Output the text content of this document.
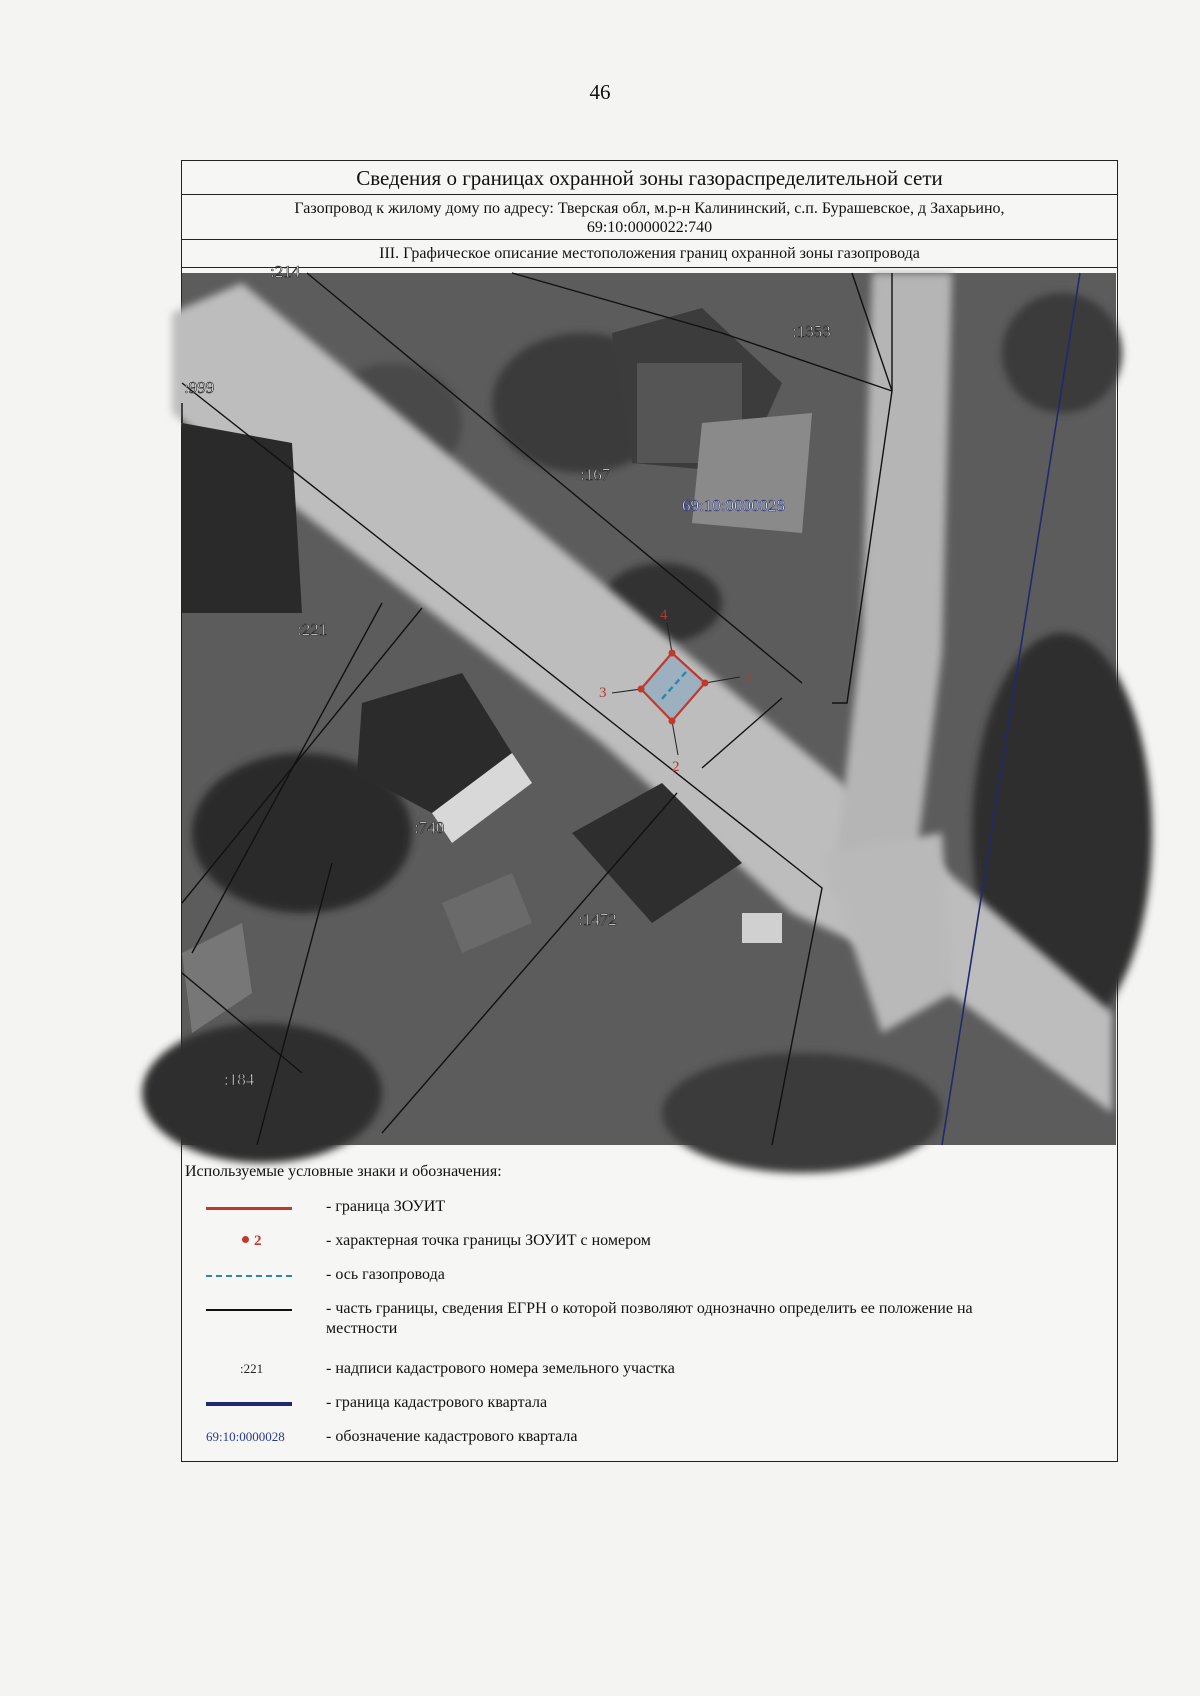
46
Сведения о границах охранной зоны газораспределительной сети
Газопровод к жилому дому по адресу: Тверская обл, м.р-н Калининский, с.п. Бурашевское, д Захарьино,
69:10:0000022:740
III. Графическое описание местоположения границ охранной зоны газопровода
1
2
3
4
:1353
:999
:167
:221
:740
:1472
:184
:214
69:10:0000028
Используемые условные знаки и обозначения:
- граница ЗОУИТ
2	- характерная точка границы ЗОУИТ с номером
- ось газопровода
- часть границы, сведения ЕГРН о которой позволяют однозначно определить ее положение на местности
:221	- надписи кадастрового номера земельного участка
- граница кадастрового квартала
69:10:0000028	- обозначение кадастрового квартала
